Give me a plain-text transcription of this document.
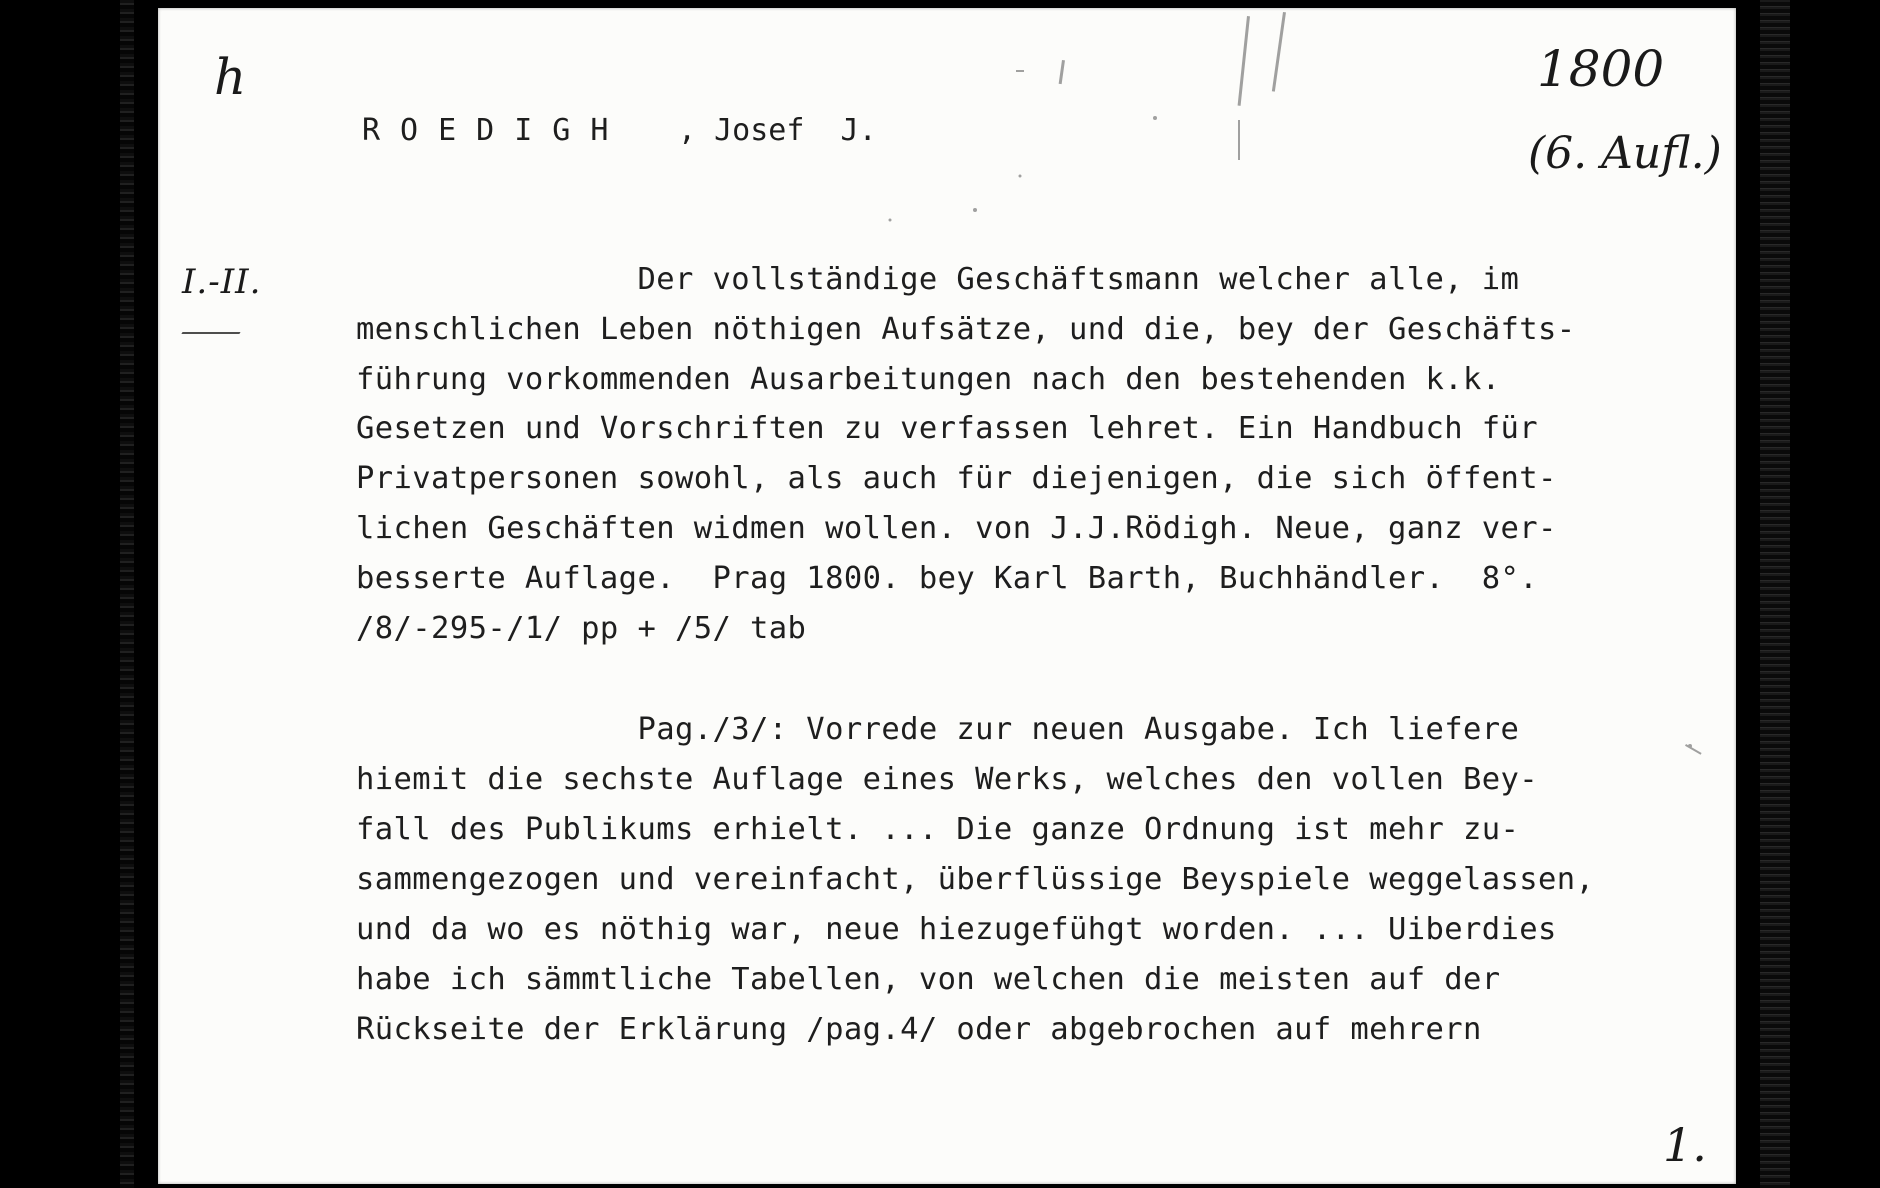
h	1800
(6. Aufl.)
I.-II.
1.
ROEDIGH , Josef  J.
Der vollständige Geschäftsmann welcher alle, im
menschlichen Leben nöthigen Aufsätze, und die, bey der Geschäfts-
führung vorkommenden Ausarbeitungen nach den bestehenden k.k.
Gesetzen und Vorschriften zu verfassen lehret. Ein Handbuch für
Privatpersonen sowohl, als auch für diejenigen, die sich öffent-
lichen Geschäften widmen wollen. von J.J.Rödigh. Neue, ganz ver-
besserte Auflage.  Prag 1800. bey Karl Barth, Buchhändler.  8°.
/8/-295-/1/ pp + /5/ tab
Pag./3/: Vorrede zur neuen Ausgabe. Ich liefere
hiemit die sechste Auflage eines Werks, welches den vollen Bey-
fall des Publikums erhielt. ... Die ganze Ordnung ist mehr zu-
sammengezogen und vereinfacht, überflüssige Beyspiele weggelassen,
und da wo es nöthig war, neue hiezugefühgt worden. ... Uiberdies
habe ich sämmtliche Tabellen, von welchen die meisten auf der
Rückseite der Erklärung /pag.4/ oder abgebrochen auf mehrern
